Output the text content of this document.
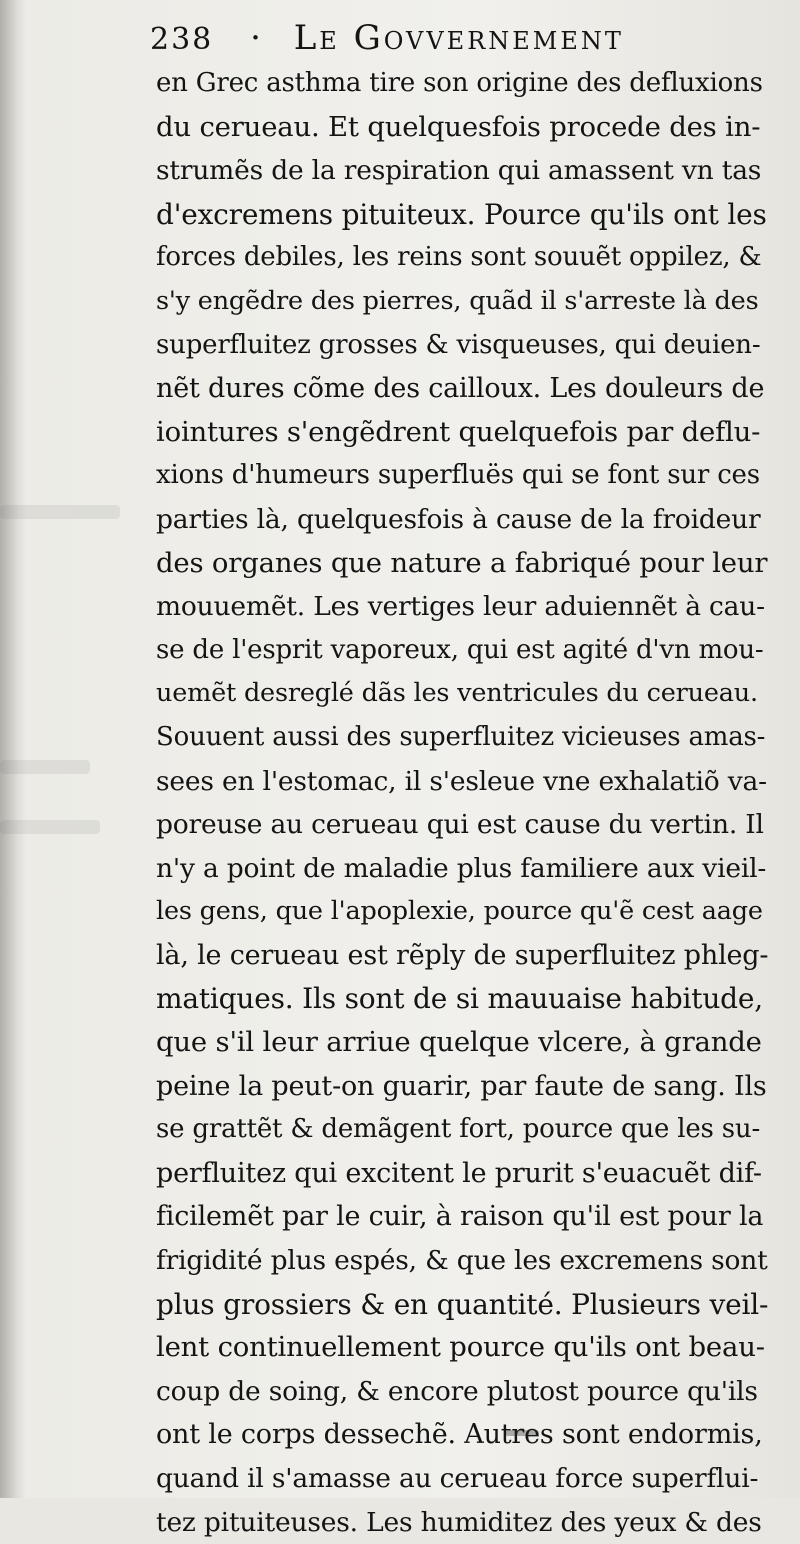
238 · Le Govvernement
en Grec asthma tire son origine des defluxions
du cerueau. Et quelquesfois procede des in-
strumẽs de la respiration qui amassent vn tas
d'excremens pituiteux. Pource qu'ils ont les
forces debiles, les reins sont souuẽt oppilez, &
s'y engẽdre des pierres, quãd il s'arreste là des
superfluitez grosses & visqueuses, qui deuien-
nẽt dures cõme des cailloux. Les douleurs de
iointures s'engẽdrent quelquefois par deflu-
xions d'humeurs superfluës qui se font sur ces
parties là, quelquesfois à cause de la froideur
des organes que nature a fabriqué pour leur
mouuemẽt. Les vertiges leur aduiennẽt à cau-
se de l'esprit vaporeux, qui est agité d'vn mou-
uemẽt desreglé dãs les ventricules du cerueau.
Souuent aussi des superfluitez vicieuses amas-
sees en l'estomac, il s'esleue vne exhalatiõ va-
poreuse au cerueau qui est cause du vertin. Il
n'y a point de maladie plus familiere aux vieil-
les gens, que l'apoplexie, pource qu'ẽ cest aage
là, le cerueau est rẽply de superfluitez phleg-
matiques. Ils sont de si mauuaise habitude,
que s'il leur arriue quelque vlcere, à grande
peine la peut-on guarir, par faute de sang. Ils
se grattẽt & demãgent fort, pource que les su-
perfluitez qui excitent le prurit s'euacuẽt dif-
ficilemẽt par le cuir, à raison qu'il est pour la
frigidité plus espés, & que les excremens sont
plus grossiers & en quantité. Plusieurs veil-
lent continuellement pource qu'ils ont beau-
coup de soing, & encore plutost pource qu'ils
ont le corps dessechẽ. Autres sont endormis,
quand il s'amasse au cerueau force superflui-
tez pituiteuses. Les humiditez des yeux & des
